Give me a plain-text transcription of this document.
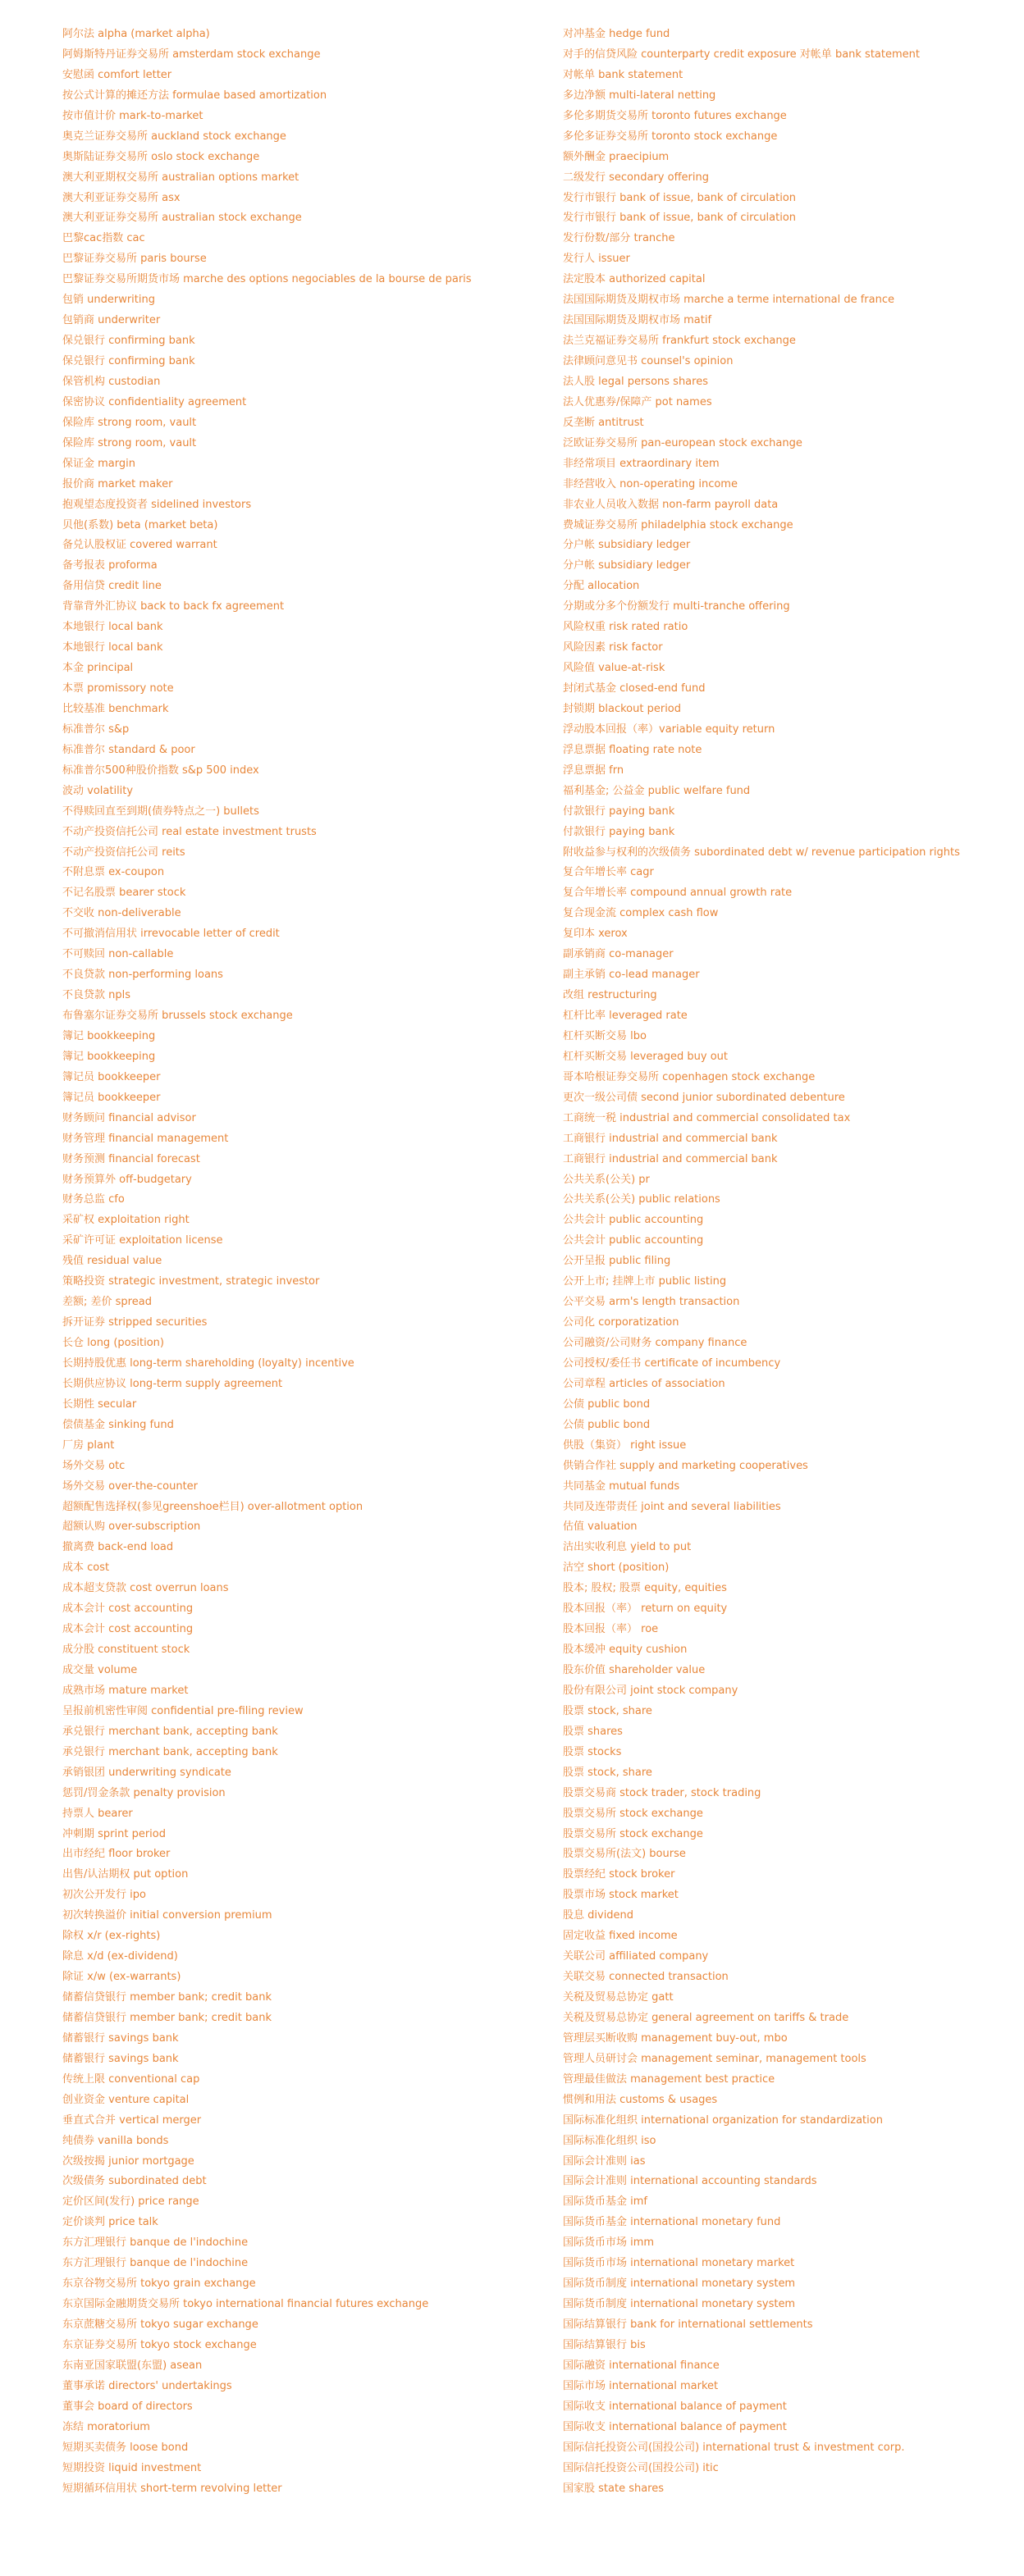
阿尔法 alpha (market alpha)
阿姆斯特丹证券交易所 amsterdam stock exchange
安慰函 comfort letter
按公式计算的摊还方法 formulae based amortization
按市值计价 mark-to-market
奥克兰证券交易所 auckland stock exchange
奥斯陆证券交易所 oslo stock exchange
澳大利亚期权交易所 australian options market
澳大利亚证券交易所 asx
澳大利亚证券交易所 australian stock exchange
巴黎cac指数 cac
巴黎证券交易所 paris bourse
巴黎证券交易所期货市场 marche des options negociables de la bourse de paris
包销 underwriting
包销商 underwriter
保兑银行 confirming bank
保兑银行 confirming bank
保管机构 custodian
保密协议 confidentiality agreement
保险库 strong room, vault
保险库 strong room, vault
保证金 margin
报价商 market maker
抱观望态度投资者 sidelined investors
贝他(系数) beta (market beta)
备兑认股权证 covered warrant
备考报表 proforma
备用信贷 credit line
背靠背外汇协议 back to back fx agreement
本地银行 local bank
本地银行 local bank
本金 principal
本票 promissory note
比较基准 benchmark
标准普尔 s&p
标准普尔 standard & poor
标准普尔500种股价指数 s&p 500 index
波动 volatility
不得赎回直至到期(债券特点之一) bullets
不动产投资信托公司 real estate investment trusts
不动产投资信托公司 reits
不附息票 ex-coupon
不记名股票 bearer stock
不交收 non-deliverable
不可撤消信用状 irrevocable letter of credit
不可赎回 non-callable
不良贷款 non-performing loans
不良贷款 npls
布鲁塞尔证券交易所 brussels stock exchange
簿记 bookkeeping
簿记 bookkeeping
簿记员 bookkeeper
簿记员 bookkeeper
财务顾问 financial advisor
财务管理 financial management
财务预测 financial forecast
财务预算外 off-budgetary
财务总监 cfo
采矿权 exploitation right
采矿许可证 exploitation license
残值 residual value
策略投资 strategic investment, strategic investor
差额; 差价 spread
拆开证券 stripped securities
长仓 long (position)
长期持股优惠 long-term shareholding (loyalty) incentive
长期供应协议 long-term supply agreement
长期性 secular
偿债基金 sinking fund
厂房 plant
场外交易 otc
场外交易 over-the-counter
超额配售选择权(参见greenshoe栏目) over-allotment option
超额认购 over-subscription
撤离费 back-end load
成本 cost
成本超支贷款 cost overrun loans
成本会计 cost accounting
成本会计 cost accounting
成分股 constituent stock
成交量 volume
成熟市场 mature market
呈报前机密性审阅 confidential pre-filing review
承兑银行 merchant bank, accepting bank
承兑银行 merchant bank, accepting bank
承销银团 underwriting syndicate
惩罚/罚金条款 penalty provision
持票人 bearer
冲刺期 sprint period
出市经纪 floor broker
出售/认沽期权 put option
初次公开发行 ipo
初次转换溢价 initial conversion premium
除权 x/r (ex-rights)
除息 x/d (ex-dividend)
除证 x/w (ex-warrants)
储蓄信贷银行 member bank; credit bank
储蓄信贷银行 member bank; credit bank
储蓄银行 savings bank
储蓄银行 savings bank
传统上限 conventional cap
创业资金 venture capital
垂直式合并 vertical merger
纯债券 vanilla bonds
次级按揭 junior mortgage
次级债务 subordinated debt
定价区间(发行) price range
定价谈判 price talk
东方汇理银行 banque de l'indochine
东方汇理银行 banque de l'indochine
东京谷物交易所 tokyo grain exchange
东京国际金融期货交易所 tokyo international financial futures exchange
东京蔗糖交易所 tokyo sugar exchange
东京证券交易所 tokyo stock exchange
东南亚国家联盟(东盟) asean
董事承诺 directors' undertakings
董事会 board of directors
冻结 moratorium
短期买卖债务 loose bond
短期投资 liquid investment
短期循环信用状 short-term revolving letter
对冲基金 hedge fund
对手的信贷风险 counterparty credit exposure 对帐单 bank statement
对帐单 bank statement
多边净额 multi-lateral netting
多伦多期货交易所 toronto futures exchange
多伦多证券交易所 toronto stock exchange
额外酬金 praecipium
二级发行 secondary offering
发行市银行 bank of issue, bank of circulation
发行市银行 bank of issue, bank of circulation
发行份数/部分 tranche
发行人 issuer
法定股本 authorized capital
法国国际期货及期权市场 marche a terme international de france
法国国际期货及期权市场 matif
法兰克福证券交易所 frankfurt stock exchange
法律顾问意见书 counsel's opinion
法人股 legal persons shares
法人优惠券/保障产 pot names
反垄断 antitrust
泛欧证券交易所 pan-european stock exchange
非经常项目 extraordinary item
非经营收入 non-operating income
非农业人员收入数据 non-farm payroll data
费城证券交易所 philadelphia stock exchange
分户帐 subsidiary ledger
分户帐 subsidiary ledger
分配 allocation
分期或分多个份额发行 multi-tranche offering
风险权重 risk rated ratio
风险因素 risk factor
风险值 value-at-risk
封闭式基金 closed-end fund
封锁期 blackout period
浮动股本回报（率）variable equity return
浮息票据 floating rate note
浮息票据 frn
福利基金; 公益金 public welfare fund
付款银行 paying bank
付款银行 paying bank
附收益参与权利的次级债务 subordinated debt w/ revenue participation rights
复合年增长率 cagr
复合年增长率 compound annual growth rate
复合现金流 complex cash flow
复印本 xerox
副承销商 co-manager
副主承销 co-lead manager
改组 restructuring
杠杆比率 leveraged rate
杠杆买断交易 lbo
杠杆买断交易 leveraged buy out
哥本哈根证券交易所 copenhagen stock exchange
更次一级公司债 second junior subordinated debenture
工商统一税 industrial and commercial consolidated tax
工商银行 industrial and commercial bank
工商银行 industrial and commercial bank
公共关系(公关) pr
公共关系(公关) public relations
公共会计 public accounting
公共会计 public accounting
公开呈报 public filing
公开上市; 挂牌上市 public listing
公平交易 arm's length transaction
公司化 corporatization
公司融资/公司财务 company finance
公司授权/委任书 certificate of incumbency
公司章程 articles of association
公债 public bond
公债 public bond
供股（集资） right issue
供销合作社 supply and marketing cooperatives
共同基金 mutual funds
共同及连带责任 joint and several liabilities
估值 valuation
沽出实收利息 yield to put
沽空 short (position)
股本; 股权; 股票 equity, equities
股本回报（率） return on equity
股本回报（率） roe
股本缓冲 equity cushion
股东价值 shareholder value
股份有限公司 joint stock company
股票 stock, share
股票 shares
股票 stocks
股票 stock, share
股票交易商 stock trader, stock trading
股票交易所 stock exchange
股票交易所 stock exchange
股票交易所(法文) bourse
股票经纪 stock broker
股票市场 stock market
股息 dividend
固定收益 fixed income
关联公司 affiliated company
关联交易 connected transaction
关税及贸易总协定 gatt
关税及贸易总协定 general agreement on tariffs & trade
管理层买断收购 management buy-out, mbo
管理人员研讨会 management seminar, management tools
管理最佳做法 management best practice
惯例和用法 customs & usages
国际标准化组织 international organization for standardization
国际标准化组织 iso
国际会计准则 ias
国际会计准则 international accounting standards
国际货币基金 imf
国际货币基金 international monetary fund
国际货币市场 imm
国际货币市场 international monetary market
国际货币制度 international monetary system
国际货币制度 international monetary system
国际结算银行 bank for international settlements
国际结算银行 bis
国际融资 international finance
国际市场 international market
国际收支 international balance of payment
国际收支 international balance of payment
国际信托投资公司(国投公司) international trust & investment corp.
国际信托投资公司(国投公司) itic
国家股 state shares
